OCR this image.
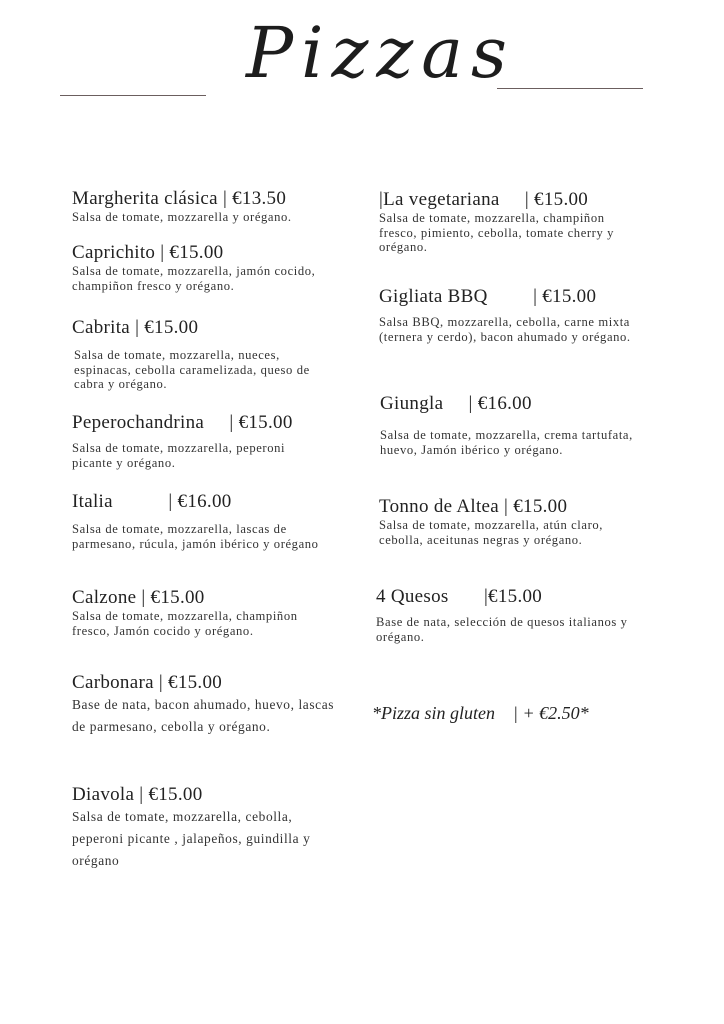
Pizzas
Margherita clásica | €13.50
Salsa de tomate, mozzarella y orégano.
Caprichito | €15.00
Salsa de tomate, mozzarella, jamón cocido, champiñon fresco y orégano.
Cabrita | €15.00
Salsa de tomate, mozzarella, nueces, espinacas, cebolla caramelizada, queso de cabra y orégano.
Peperochandrina     | €15.00
Salsa de tomate, mozzarella, peperoni picante y orégano.
Italia           | €16.00
Salsa de tomate, mozzarella, lascas de parmesano, rúcula, jamón ibérico y orégano
Calzone | €15.00
Salsa de tomate, mozzarella, champiñon fresco, Jamón cocido y orégano.
Carbonara | €15.00
Base de nata, bacon ahumado, huevo, lascas de parmesano, cebolla y orégano.
Diavola | €15.00
Salsa de tomate, mozzarella, cebolla, peperoni picante , jalapeños, guindilla y orégano
|La vegetariana     | €15.00
Salsa de tomate, mozzarella, champiñon fresco, pimiento, cebolla, tomate cherry y orégano.
Gigliata BBQ         | €15.00
Salsa BBQ, mozzarella, cebolla, carne mixta (ternera y cerdo), bacon ahumado y orégano.
Giungla     | €16.00
Salsa de tomate, mozzarella, crema tartufata, huevo, Jamón ibérico y orégano.
Tonno de Altea | €15.00
Salsa de tomate, mozzarella, atún claro, cebolla, aceitunas negras y orégano.
4 Quesos       |€15.00
Base de nata, selección de quesos italianos y orégano.
*Pizza sin gluten    | + €2.50*
